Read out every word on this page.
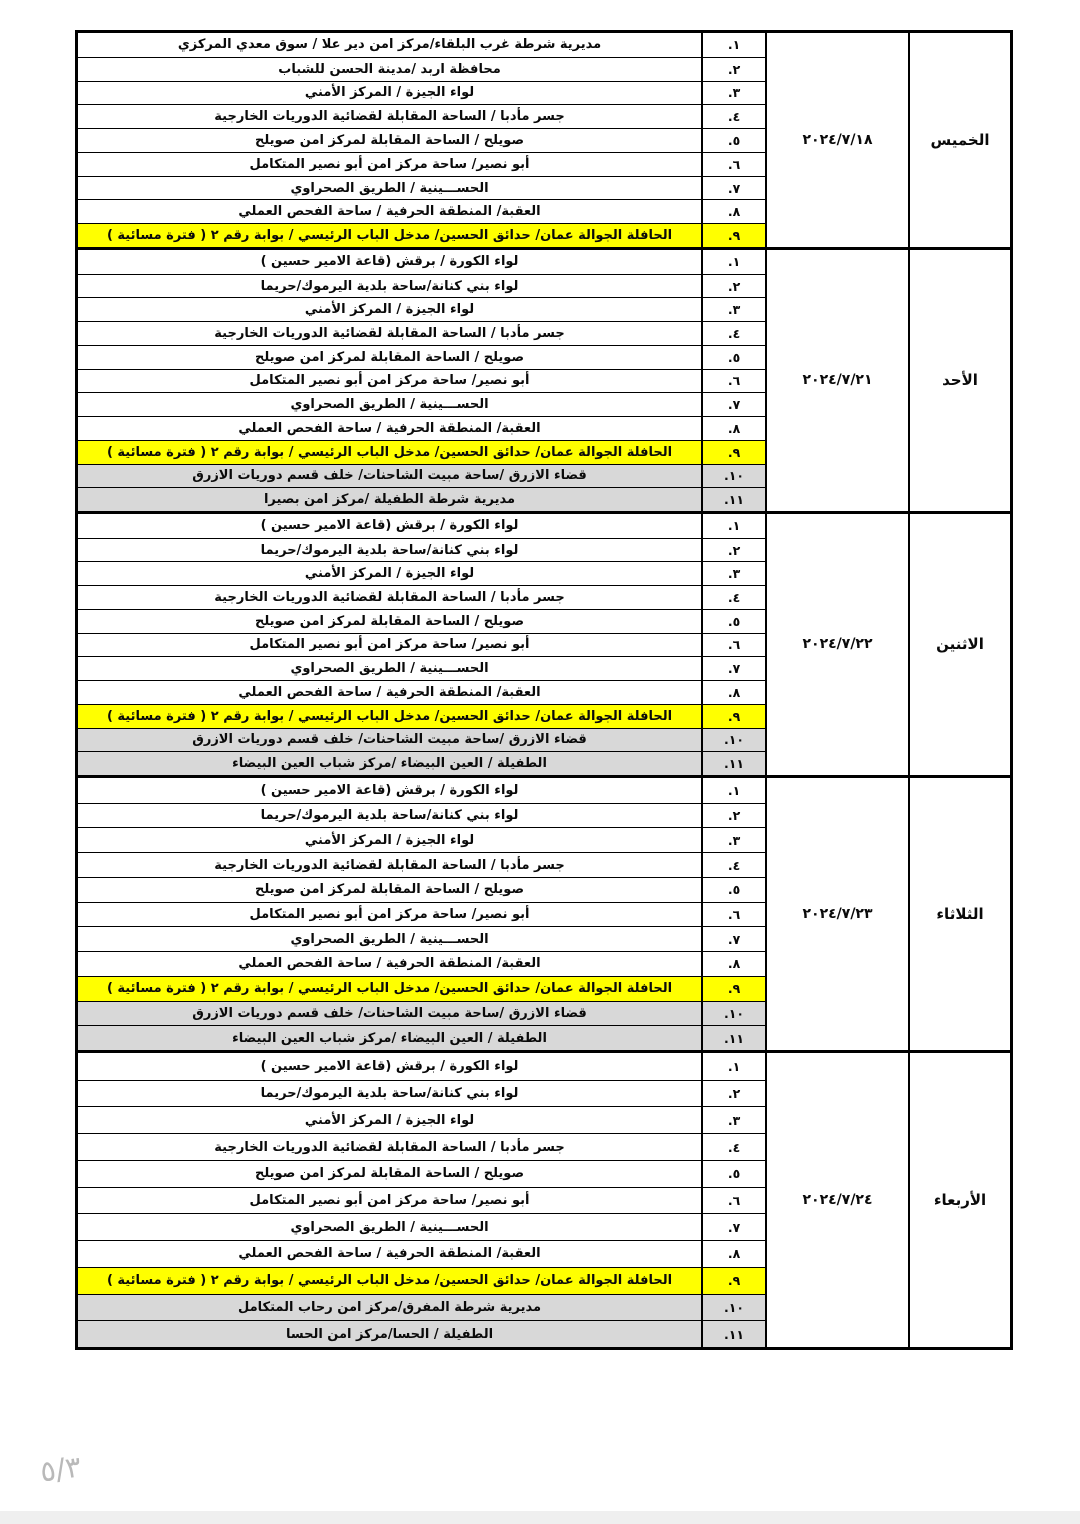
الخميس
٢٠٢٤/٧/١٨
١.
مديرية شرطة غرب البلقاء/مركز امن دير علا / سوق معدي المركزي
٢.
محافظة اربد /مدينة الحسن للشباب
٣.
لواء الجيزة / المركز الأمني
٤.
جسر مأدبا / الساحة المقابلة لقضائية الدوريات الخارجية
٥.
صويلح / الساحة المقابلة لمركز امن صويلح
٦.
أبو نصير/ ساحة مركز امن أبو نصير المتكامل
٧.
الحســـينية / الطريق الصحراوي
٨.
العقبة/ المنطقة الحرفية / ساحة الفحص العملي
٩.
الحافلة الجوالة عمان/ حدائق الحسين/ مدخل الباب الرئيسي / بوابة رقم ٢ ( فترة مسائية )
الأحد
٢٠٢٤/٧/٢١
١.
لواء الكورة / برقش (قاعة الامير حسين )
٢.
لواء بني كنانة/ساحة بلدية اليرموك/حريما
٣.
لواء الجيزة / المركز الأمني
٤.
جسر مأدبا / الساحة المقابلة لقضائية الدوريات الخارجية
٥.
صويلح / الساحة المقابلة لمركز امن صويلح
٦.
أبو نصير/ ساحة مركز امن أبو نصير المتكامل
٧.
الحســـينية / الطريق الصحراوي
٨.
العقبة/ المنطقة الحرفية / ساحة الفحص العملي
٩.
الحافلة الجوالة عمان/ حدائق الحسين/ مدخل الباب الرئيسي / بوابة رقم ٢ ( فترة مسائية )
١٠.
قضاء الازرق /ساحة مبيت الشاحنات/ خلف قسم دوريات الازرق
١١.
مديرية شرطة الطفيلة /مركز امن بصيرا
الاثنين
٢٠٢٤/٧/٢٢
١.
لواء الكورة / برقش (قاعة الامير حسين )
٢.
لواء بني كنانة/ساحة بلدية اليرموك/حريما
٣.
لواء الجيزة / المركز الأمني
٤.
جسر مأدبا / الساحة المقابلة لقضائية الدوريات الخارجية
٥.
صويلح / الساحة المقابلة لمركز امن صويلح
٦.
أبو نصير/ ساحة مركز امن أبو نصير المتكامل
٧.
الحســـينية / الطريق الصحراوي
٨.
العقبة/ المنطقة الحرفية / ساحة الفحص العملي
٩.
الحافلة الجوالة عمان/ حدائق الحسين/ مدخل الباب الرئيسي / بوابة رقم ٢ ( فترة مسائية )
١٠.
قضاء الازرق /ساحة مبيت الشاحنات/ خلف قسم دوريات الازرق
١١.
الطفيلة / العين البيضاء /مركز شباب العين البيضاء
الثلاثاء
٢٠٢٤/٧/٢٣
١.
لواء الكورة / برقش (قاعة الامير حسين )
٢.
لواء بني كنانة/ساحة بلدية اليرموك/حريما
٣.
لواء الجيزة / المركز الأمني
٤.
جسر مأدبا / الساحة المقابلة لقضائية الدوريات الخارجية
٥.
صويلح / الساحة المقابلة لمركز امن صويلح
٦.
أبو نصير/ ساحة مركز امن أبو نصير المتكامل
٧.
الحســـينية / الطريق الصحراوي
٨.
العقبة/ المنطقة الحرفية / ساحة الفحص العملي
٩.
الحافلة الجوالة عمان/ حدائق الحسين/ مدخل الباب الرئيسي / بوابة رقم ٢ ( فترة مسائية )
١٠.
قضاء الازرق /ساحة مبيت الشاحنات/ خلف قسم دوريات الازرق
١١.
الطفيلة / العين البيضاء /مركز شباب العين البيضاء
الأربعاء
٢٠٢٤/٧/٢٤
١.
لواء الكورة / برقش (قاعة الامير حسين )
٢.
لواء بني كنانة/ساحة بلدية اليرموك/حريما
٣.
لواء الجيزة / المركز الأمني
٤.
جسر مأدبا / الساحة المقابلة لقضائية الدوريات الخارجية
٥.
صويلح / الساحة المقابلة لمركز امن صويلح
٦.
أبو نصير/ ساحة مركز امن أبو نصير المتكامل
٧.
الحســـينية / الطريق الصحراوي
٨.
العقبة/ المنطقة الحرفية / ساحة الفحص العملي
٩.
الحافلة الجوالة عمان/ حدائق الحسين/ مدخل الباب الرئيسي / بوابة رقم ٢ ( فترة مسائية )
١٠.
مديرية شرطة المفرق/مركز امن رحاب المتكامل
١١.
الطفيلة / الحسا/مركز امن الحسا
٥/٣
